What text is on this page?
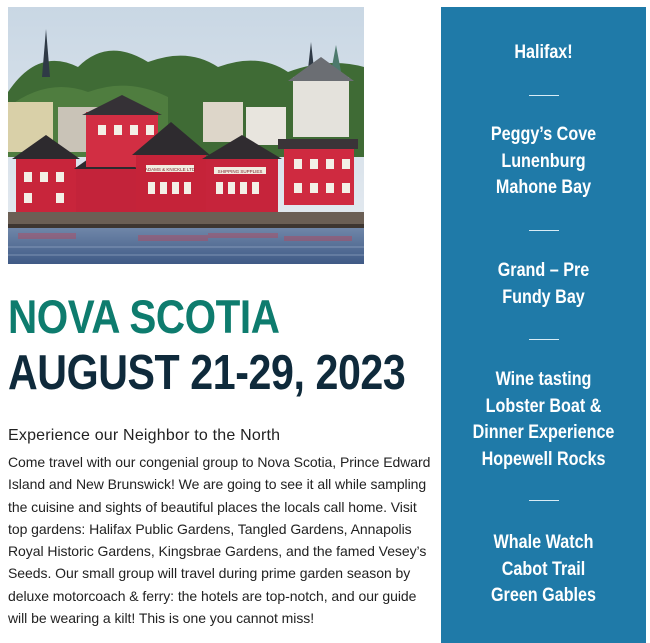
ADAMS & KNICKLE LTD	SHIPPING SUPPLIES
NOVA SCOTIA
AUGUST 21-29, 2023
Experience our Neighbor to the North
Come travel with our congenial group to Nova Scotia, Prince Edward Island and New Brunswick! We are going to see it all while sampling the cuisine and sights of beautiful places the locals call home. Visit top gardens: Halifax Public Gardens, Tangled Gardens, Annapolis Royal Historic Gardens, Kingsbrae Gardens, and the famed Vesey’s Seeds. Our small group will travel during prime garden season by deluxe motorcoach & ferry: the hotels are top-notch, and our guide will be wearing a kilt! This is one you cannot miss!
Halifax!
Peggy’s Cove
Lunenburg
Mahone Bay
Grand – Pre
Fundy Bay
Wine tasting
Lobster Boat &
Dinner Experience
Hopewell Rocks
Whale Watch
Cabot Trail
Green Gables
